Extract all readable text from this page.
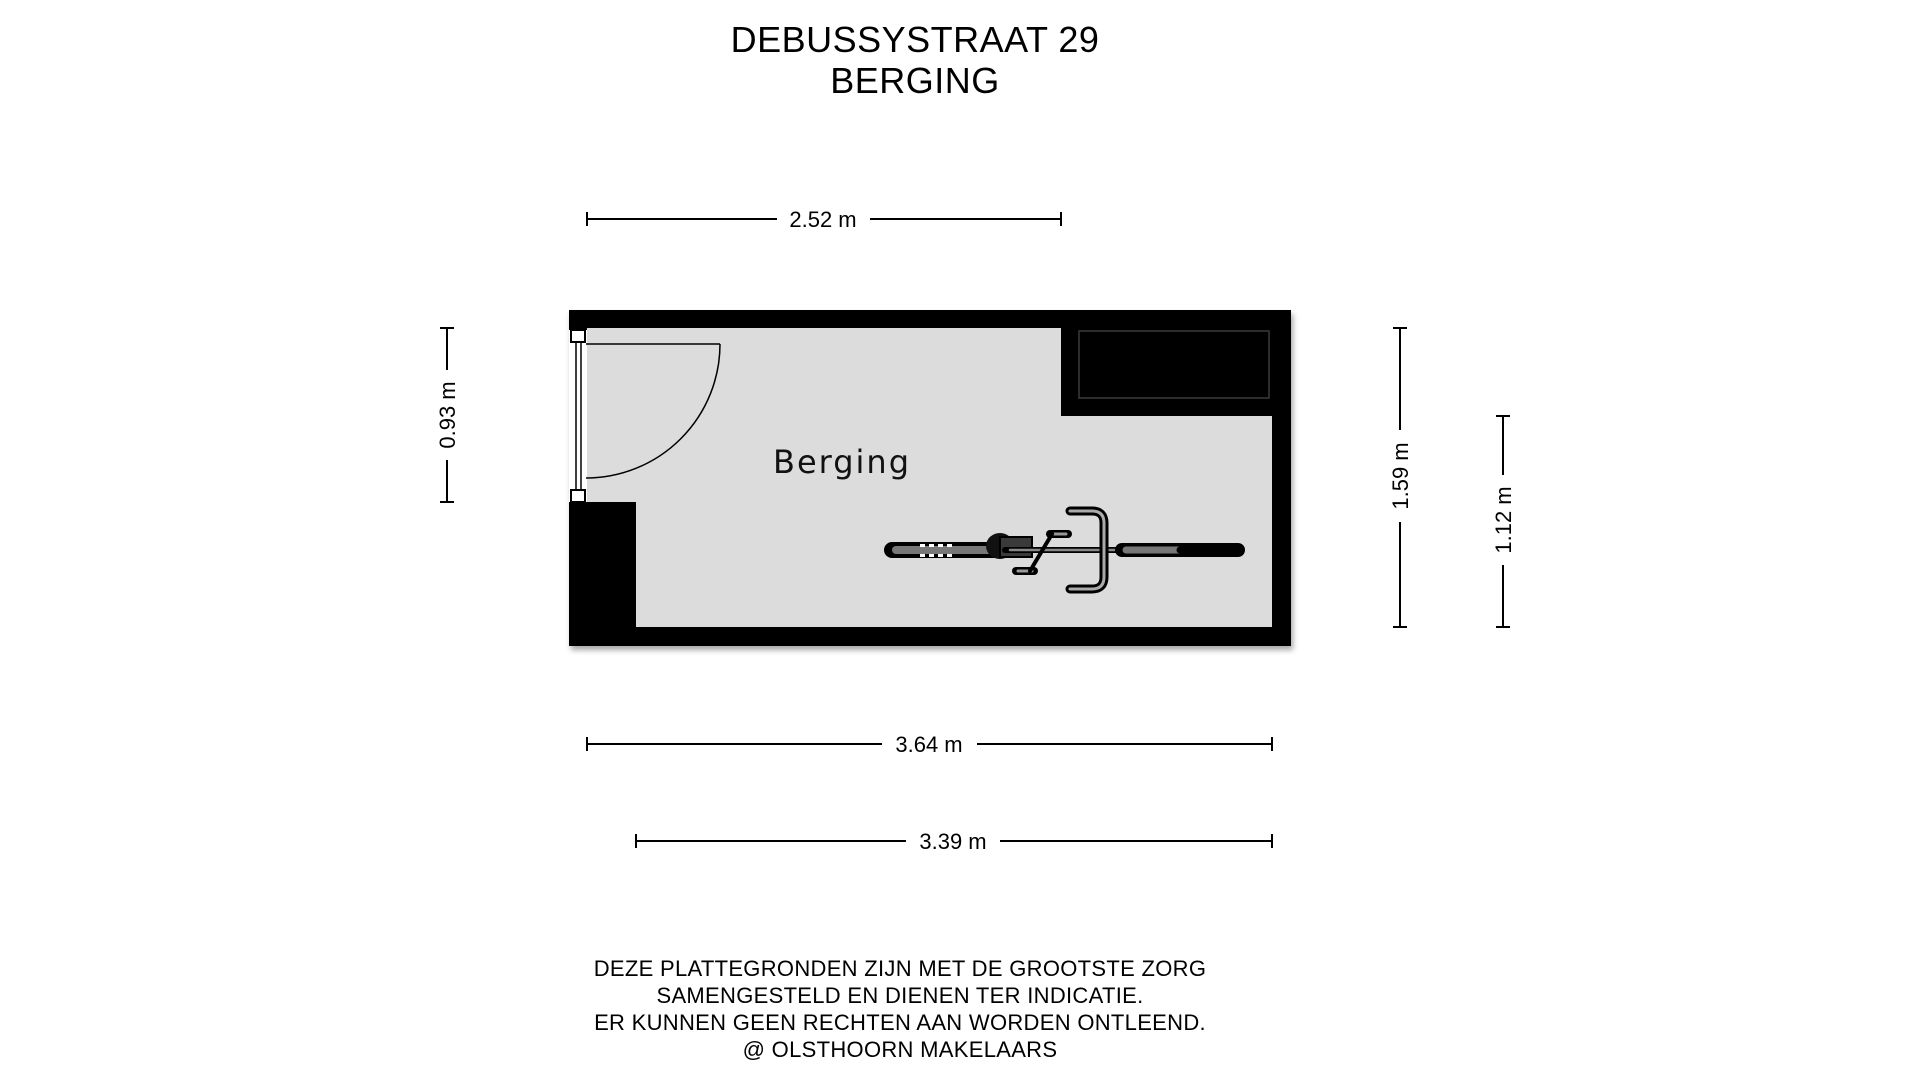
DEBUSSYSTRAAT 29
BERGING
Berging
2.52 m
0.93 m
1.59 m
1.12 m
3.64 m
3.39 m
DEZE PLATTEGRONDEN ZIJN MET DE GROOTSTE ZORG
SAMENGESTELD EN DIENEN TER INDICATIE.
ER KUNNEN GEEN RECHTEN AAN WORDEN ONTLEEND.
@ OLSTHOORN MAKELAARS
